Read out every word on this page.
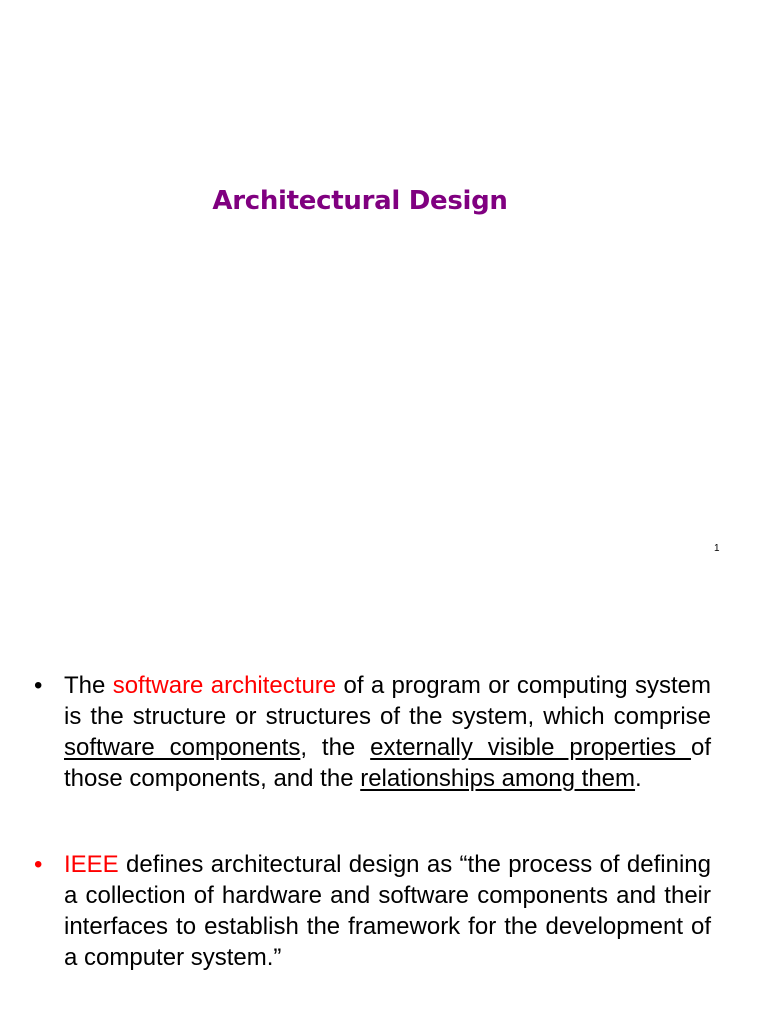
Architectural Design
1
• The software architecture of a program or computing system is the structure or structures of the system, which comprise software components, the externally visible properties of those components, and the relationships among them.
• IEEE defines architectural design as “the process of defining a collection of hardware and software components and their interfaces to establish the framework for the development of a computer system.”
